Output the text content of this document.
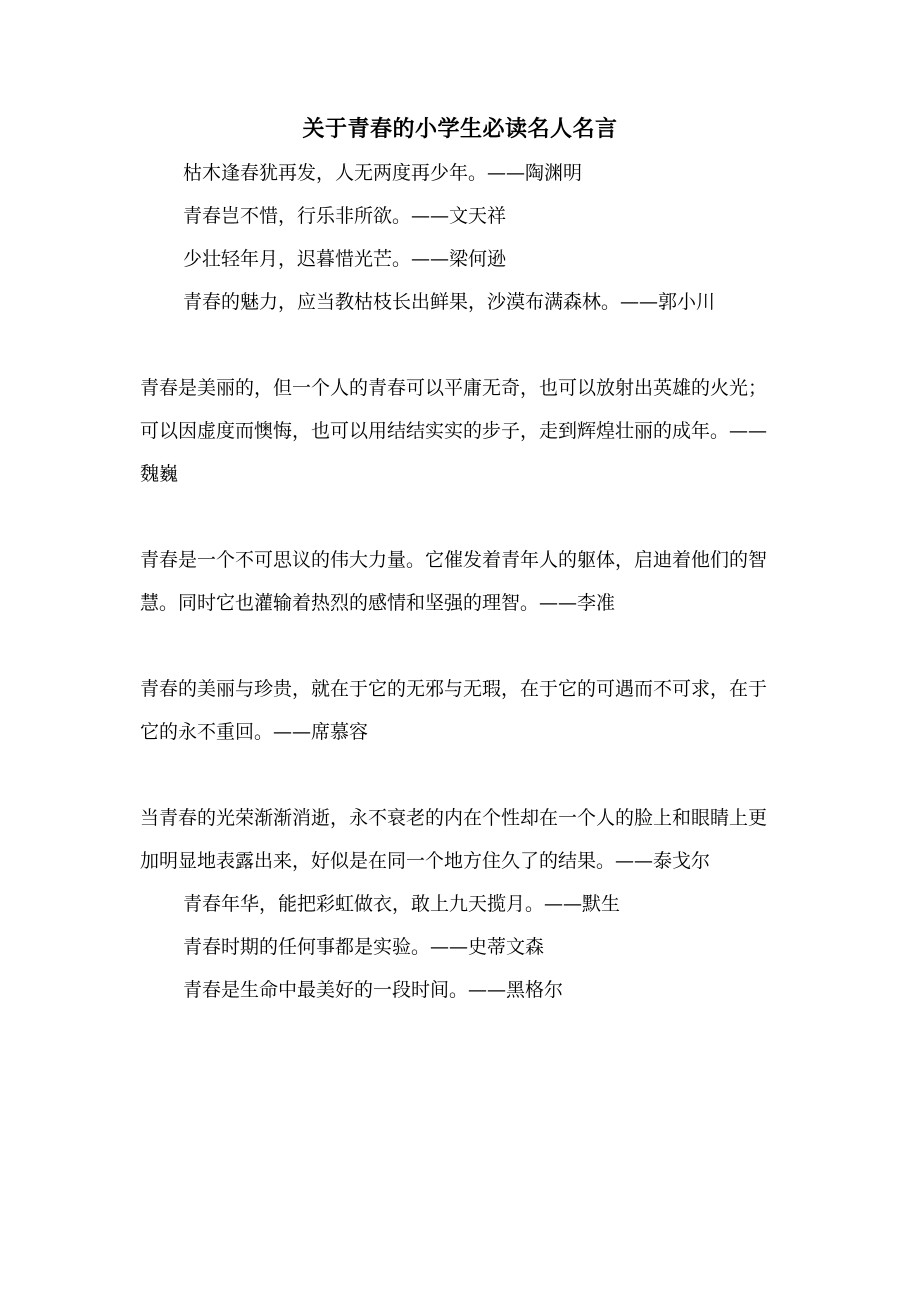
关于青春的小学生必读名人名言

枯木逢春犹再发，人无两度再少年。——陶渊明

青春岂不惜，行乐非所欲。——文天祥

少壮轻年月，迟暮惜光芒。——梁何逊

青春的魅力，应当教枯枝长出鲜果，沙漠布满森林。——郭小川

青春是美丽的，但一个人的青春可以平庸无奇，也可以放射出英雄的火光；可以因虚度而懊悔，也可以用结结实实的步子，走到辉煌壮丽的成年。——魏巍

青春是一个不可思议的伟大力量。它催发着青年人的躯体，启迪着他们的智慧。同时它也灌输着热烈的感情和坚强的理智。——李准

青春的美丽与珍贵，就在于它的无邪与无瑕，在于它的可遇而不可求，在于它的永不重回。——席慕容

当青春的光荣渐渐消逝，永不衰老的内在个性却在一个人的脸上和眼睛上更加明显地表露出来，好似是在同一个地方住久了的结果。——泰戈尔

青春年华，能把彩虹做衣，敢上九天揽月。——默生

青春时期的任何事都是实验。——史蒂文森

青春是生命中最美好的一段时间。——黑格尔
